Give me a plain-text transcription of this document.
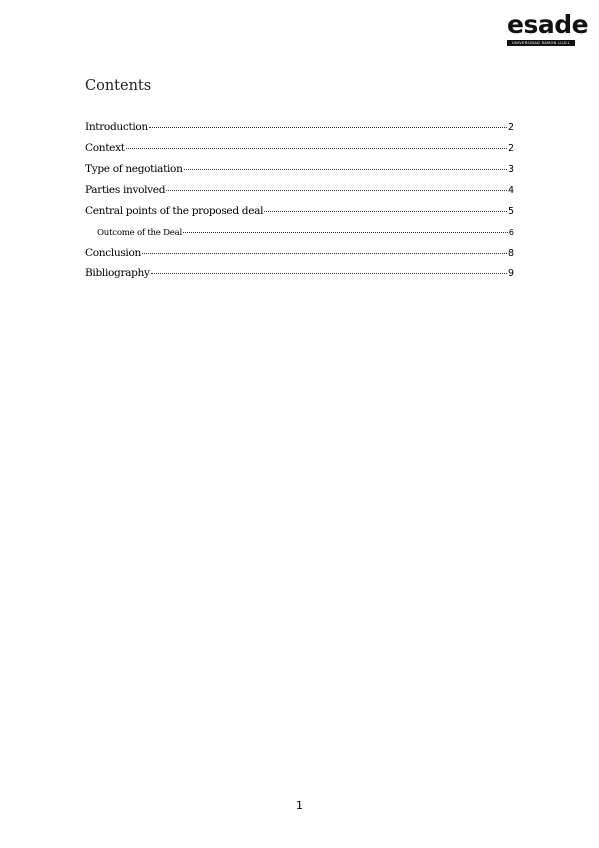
esade
UNIVERSIDAD RAMON LLULL
Contents
Introduction	2
Context	2
Type of negotiation	3
Parties involved	4
Central points of the proposed deal	5
Outcome of the Deal	6
Conclusion	8
Bibliography	9
1
